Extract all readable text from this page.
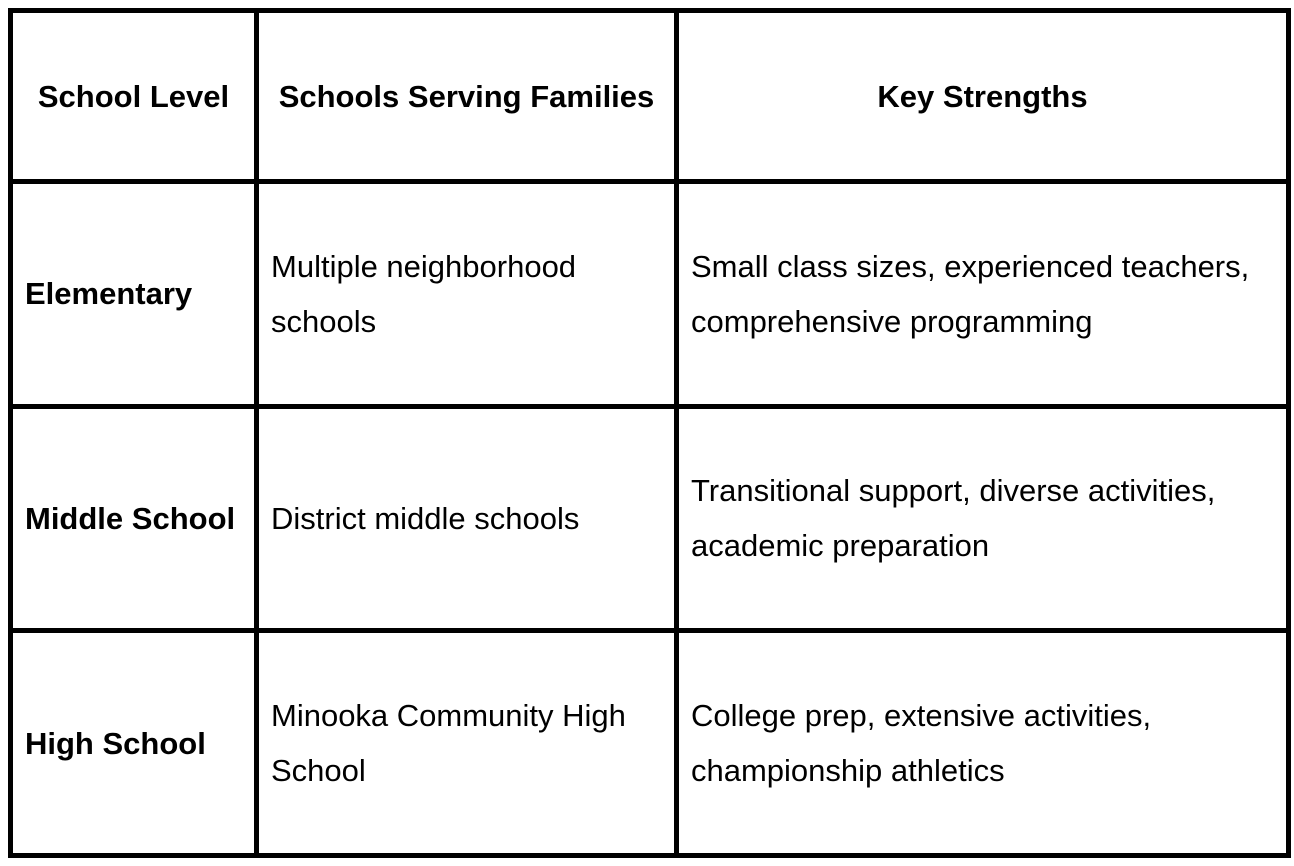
School Level	Schools Serving Families	Key Strengths
Elementary	Multiple neighborhood schools	Small class sizes, experienced teachers, comprehensive programming
Middle School	District middle schools	Transitional support, diverse activities, academic preparation
High School	Minooka Community High School	College prep, extensive activities, championship athletics
